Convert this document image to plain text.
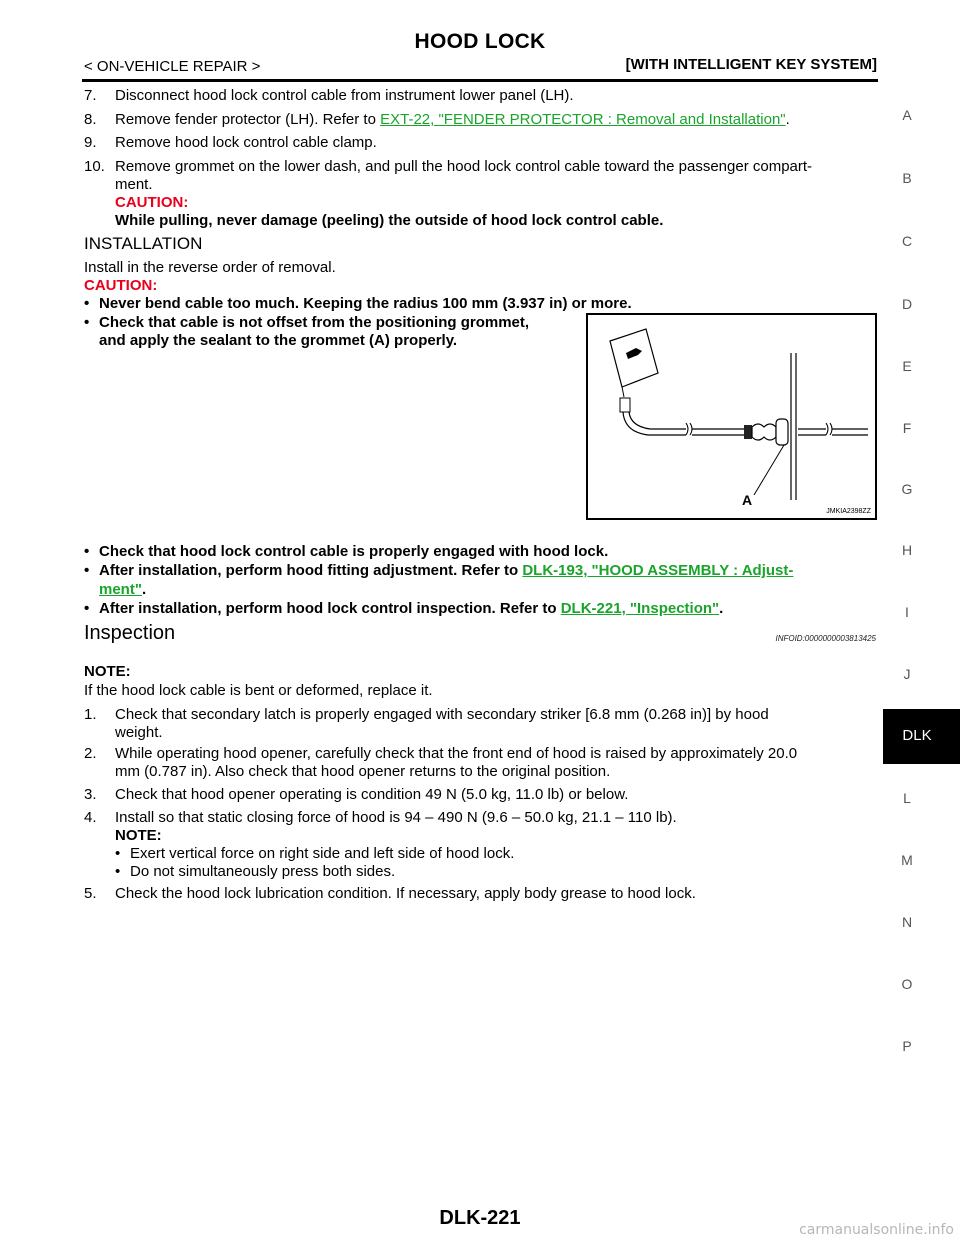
HOOD LOCK
< ON-VEHICLE REPAIR >	[WITH INTELLIGENT KEY SYSTEM]
7. Disconnect hood lock control cable from instrument lower panel (LH).
8. Remove fender protector (LH). Refer to EXT-22, "FENDER PROTECTOR : Removal and Installation".
9. Remove hood lock control cable clamp.
10. Remove grommet on the lower dash, and pull the hood lock control cable toward the passenger compart-
ment.
CAUTION:
While pulling, never damage (peeling) the outside of hood lock control cable.
INSTALLATION
Install in the reverse order of removal.
CAUTION:
• Never bend cable too much. Keeping the radius 100 mm (3.937 in) or more.
• Check that cable is not offset from the positioning grommet,
and apply the sealant to the grommet (A) properly.
• Check that hood lock control cable is properly engaged with hood lock.
• After installation, perform hood fitting adjustment. Refer to DLK-193, "HOOD ASSEMBLY : Adjust-
ment".
• After installation, perform hood lock control inspection. Refer to DLK-221, "Inspection".
A
JMKIA2398ZZ
Inspection	INFOID:0000000003813425
NOTE:
If the hood lock cable is bent or deformed, replace it.
1. Check that secondary latch is properly engaged with secondary striker [6.8 mm (0.268 in)] by hood
weight.
2. While operating hood opener, carefully check that the front end of hood is raised by approximately 20.0
mm (0.787 in). Also check that hood opener returns to the original position.
3. Check that hood opener operating is condition 49 N (5.0 kg, 11.0 lb) or below.
4. Install so that static closing force of hood is 94 – 490 N (9.6 – 50.0 kg, 21.1 – 110 lb).
NOTE:
• Exert vertical force on right side and left side of hood lock.
• Do not simultaneously press both sides.
5. Check the hood lock lubrication condition. If necessary, apply body grease to hood lock.
A
B
C
D
E
F
G
H
I
J
DLK
L
M
N
O
P
DLK-221
carmanualsonline.info
